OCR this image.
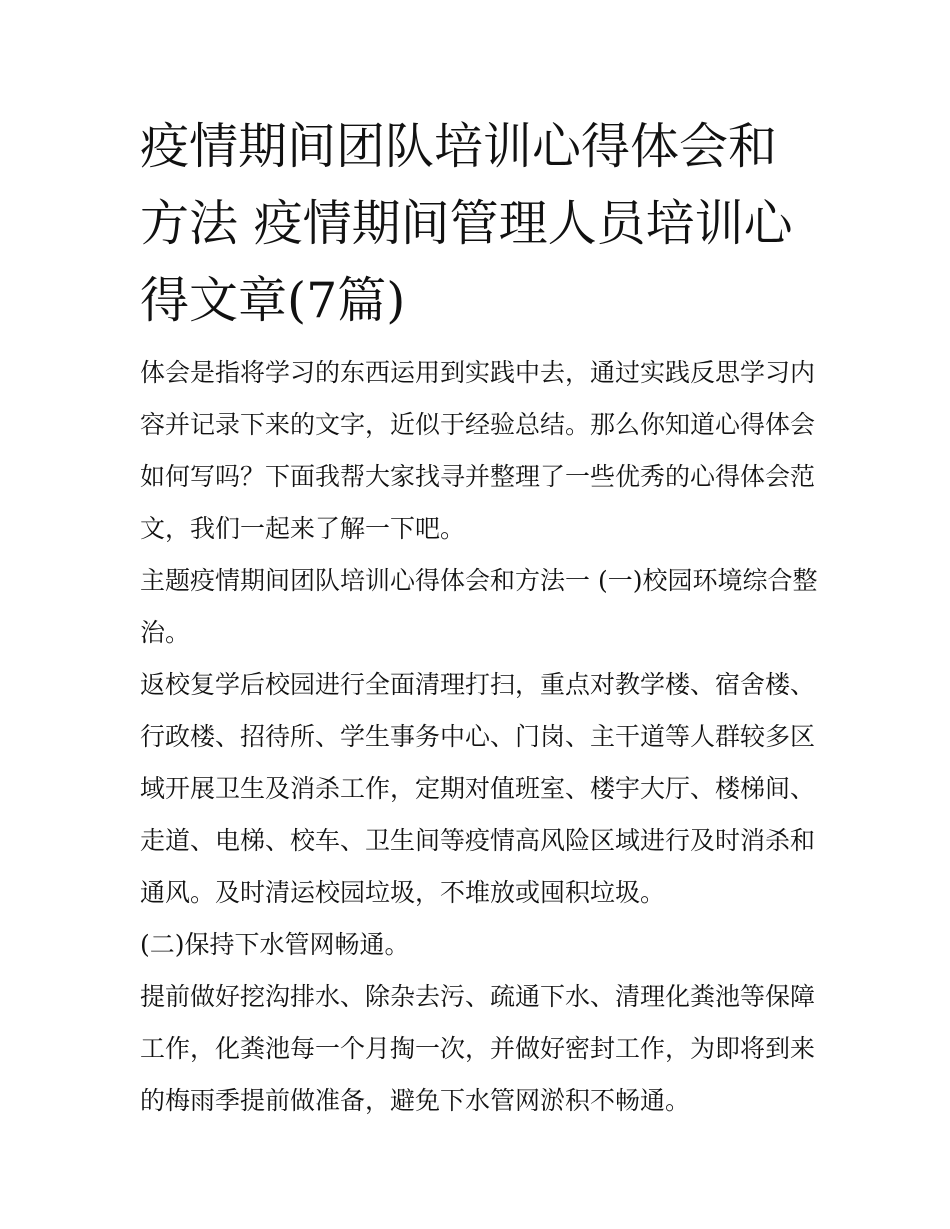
疫情期间团队培训心得体会和方法 疫情期间管理人员培训心得文章(7篇)

体会是指将学习的东西运用到实践中去，通过实践反思学习内容并记录下来的文字，近似于经验总结。那么你知道心得体会如何写吗？下面我帮大家找寻并整理了一些优秀的心得体会范文，我们一起来了解一下吧。

主题疫情期间团队培训心得体会和方法一 (一)校园环境综合整治。

返校复学后校园进行全面清理打扫，重点对教学楼、宿舍楼、行政楼、招待所、学生事务中心、门岗、主干道等人群较多区域开展卫生及消杀工作，定期对值班室、楼宇大厅、楼梯间、走道、电梯、校车、卫生间等疫情高风险区域进行及时消杀和通风。及时清运校园垃圾，不堆放或囤积垃圾。

(二)保持下水管网畅通。

提前做好挖沟排水、除杂去污、疏通下水、清理化粪池等保障工作，化粪池每一个月掏一次，并做好密封工作，为即将到来的梅雨季提前做准备，避免下水管网淤积不畅通。
